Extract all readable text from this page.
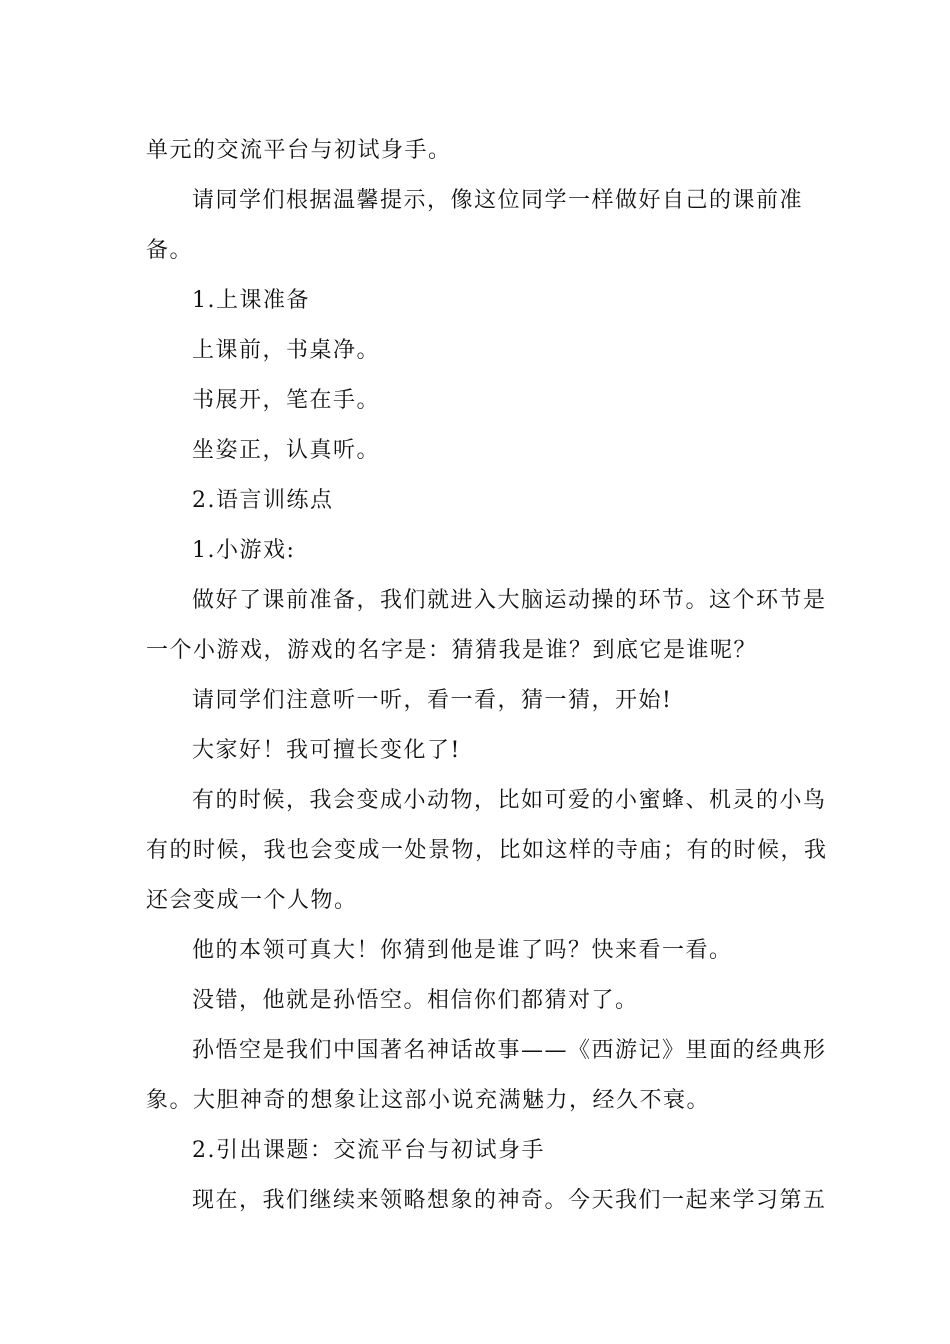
单元的交流平台与初试身手。

请同学们根据温馨提示，像这位同学一样做好自己的课前准

备。

1.上课准备

上课前，书桌净。

书展开，笔在手。

坐姿正，认真听。

2.语言训练点

1.小游戏:

做好了课前准备，我们就进入大脑运动操的环节。这个环节是

一个小游戏，游戏的名字是：猜猜我是谁？到底它是谁呢？

请同学们注意听一听，看一看，猜一猜，开始!

大家好！我可擅长变化了!

有的时候，我会变成小动物，比如可爱的小蜜蜂、机灵的小鸟

有的时候，我也会变成一处景物，比如这样的寺庙；有的时候，我

还会变成一个人物。

他的本领可真大！你猜到他是谁了吗？快来看一看。

没错，他就是孙悟空。相信你们都猜对了。

孙悟空是我们中国著名神话故事——《西游记》里面的经典形

象。大胆神奇的想象让这部小说充满魅力，经久不衰。

2.引出课题：交流平台与初试身手

现在，我们继续来领略想象的神奇。今天我们一起来学习第五
